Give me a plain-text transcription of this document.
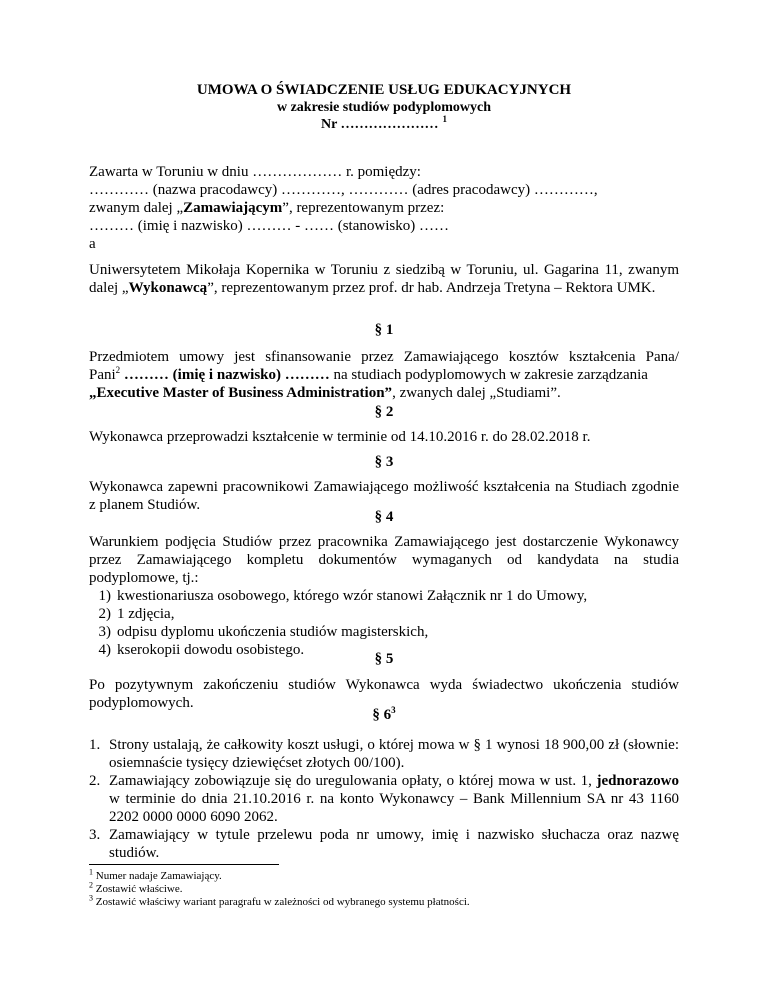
UMOWA O ŚWIADCZENIE USŁUG EDUKACYJNYCH
w zakresie studiów podyplomowych
Nr ………………… $^1$
Zawarta w Toruniu w dniu ……………… r. pomiędzy:
………… (nazwa pracodawcy) …………, ………… (adres pracodawcy) …………,
zwanym dalej „Zamawiającym”, reprezentowanym przez:
……… (imię i nazwisko) ……… - …… (stanowisko) ……
a
Uniwersytetem Mikołaja Kopernika w Toruniu z siedzibą w Toruniu, ul. Gagarina 11, zwanym dalej „Wykonawcą”, reprezentowanym przez prof. dr hab. Andrzeja Tretyna – Rektora UMK.
§ 1
Przedmiotem umowy jest sfinansowanie przez Zamawiającego kosztów kształcenia Pana/
Pani$^2$ ……… (imię i nazwisko) ……… na studiach podyplomowych w zakresie zarządzania
„Executive Master of Business Administration”, zwanych dalej „Studiami”.
§ 2
Wykonawca przeprowadzi kształcenie w terminie od 14.10.2016 r. do 28.02.2018 r.
§ 3
Wykonawca zapewni pracownikowi Zamawiającego możliwość kształcenia na Studiach zgodnie z planem Studiów.
§ 4
Warunkiem podjęcia Studiów przez pracownika Zamawiającego jest dostarczenie Wykonawcy przez Zamawiającego kompletu dokumentów wymaganych od kandydata na studia podyplomowe, tj.:
1) kwestionariusza osobowego, którego wzór stanowi Załącznik nr 1 do Umowy,
2) 1 zdjęcia,
3) odpisu dyplomu ukończenia studiów magisterskich,
4) kserokopii dowodu osobistego.
§ 5
Po pozytywnym zakończeniu studiów Wykonawca wyda świadectwo ukończenia studiów podyplomowych.
§ $6^3$
1. Strony ustalają, że całkowity koszt usługi, o której mowa w § 1 wynosi 18 900,00 zł (słownie: osiemnaście tysięcy dziewięćset złotych 00/100).
2. Zamawiający zobowiązuje się do uregulowania opłaty, o której mowa w ust. 1, jednorazowo w terminie do dnia 21.10.2016 r. na konto Wykonawcy – Bank Millennium SA nr 43 1160 2202 0000 0000 6090 2062.
3. Zamawiający w tytule przelewu poda nr umowy, imię i nazwisko słuchacza oraz nazwę studiów.
$^1$ Numer nadaje Zamawiający.
$^2$ Zostawić właściwe.
$^3$ Zostawić właściwy wariant paragrafu w zależności od wybranego systemu płatności.
